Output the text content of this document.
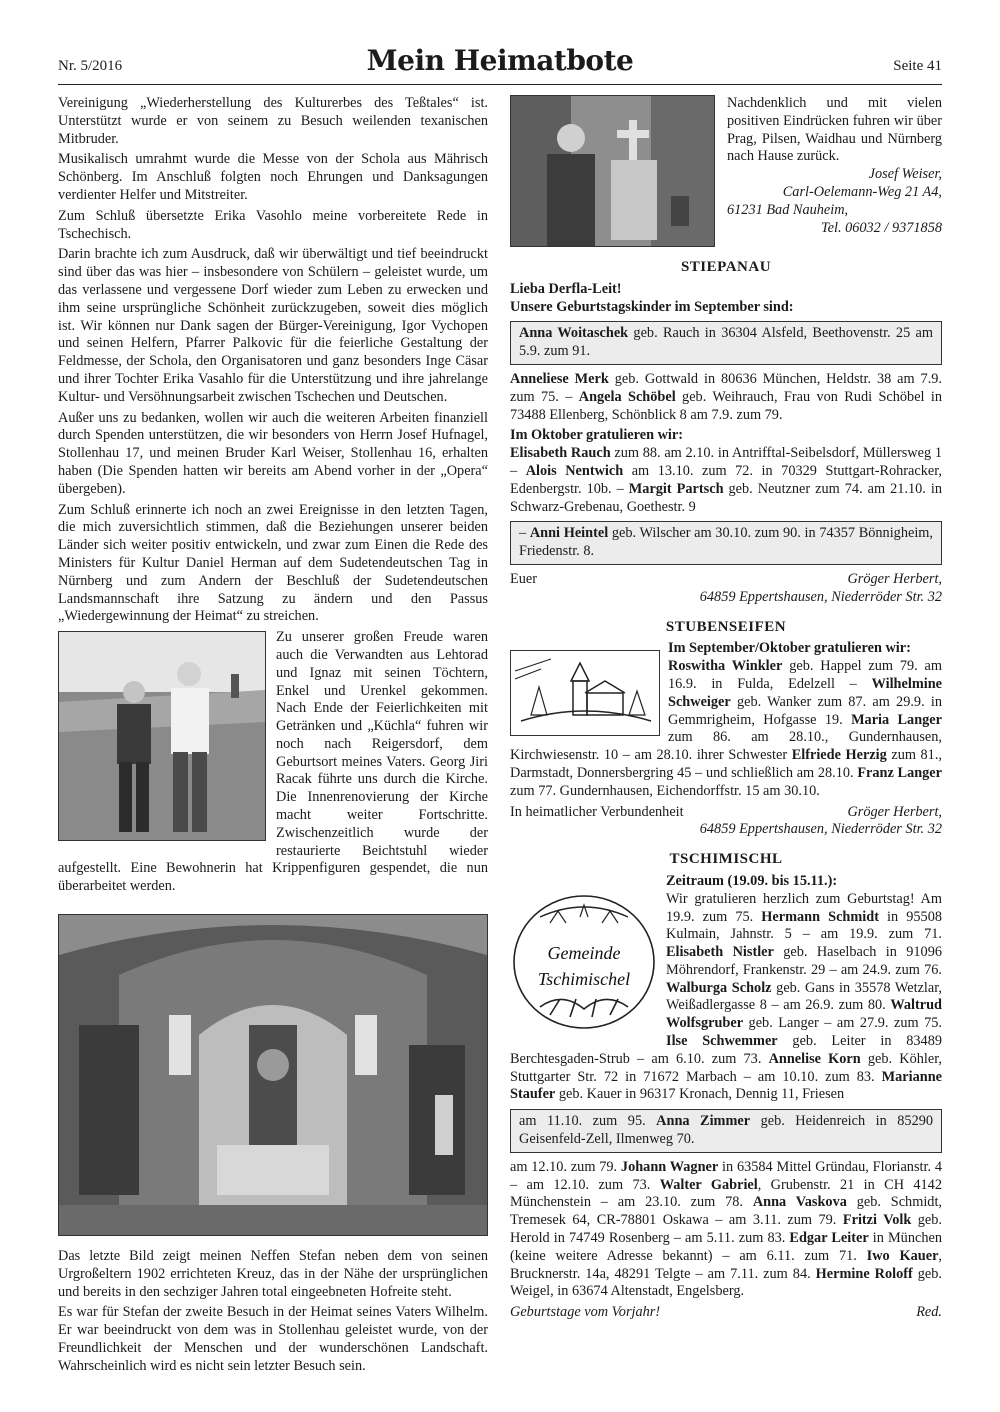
Nr. 5/2016	Mein Heimatbote	Seite 41

Vereinigung „Wiederherstellung des Kulturerbes des Teßtales“ ist. Unterstützt wurde er von seinem zu Besuch weilenden texanischen Mitbruder.

Musikalisch umrahmt wurde die Messe von der Schola aus Mährisch Schönberg. Im Anschluß folgten noch Ehrungen und Danksagungen verdienter Helfer und Mitstreiter.

Zum Schluß übersetzte Erika Vasohlo meine vorbereitete Rede in Tschechisch.

Darin brachte ich zum Ausdruck, daß wir überwältigt und tief beeindruckt sind über das was hier – insbesondere von Schülern – geleistet wurde, um das verlassene und vergessene Dorf wieder zum Leben zu erwecken und ihm seine ursprüngliche Schönheit zurückzugeben, soweit dies möglich ist. Wir können nur Dank sagen der Bürger-Vereinigung, Igor Vychopen und seinen Helfern, Pfarrer Palkovic für die feierliche Gestaltung der Feldmesse, der Schola, den Organisatoren und ganz besonders Inge Cäsar und ihrer Tochter Erika Vasahlo für die Unterstützung und ihre jahrelange Kultur- und Versöhnungsarbeit zwischen Tschechen und Deutschen.

Außer uns zu bedanken, wollen wir auch die weiteren Arbeiten finanziell durch Spenden unterstützen, die wir besonders von Herrn Josef Hufnagel, Stollenhau 17, und meinen Bruder Karl Weiser, Stollenhau 16, erhalten haben (Die Spenden hatten wir bereits am Abend vorher in der „Opera“ übergeben).

Zum Schluß erinnerte ich noch an zwei Ereignisse in den letzten Tagen, die mich zuversichtlich stimmen, daß die Beziehungen unserer beiden Länder sich weiter positiv entwickeln, und zwar zum Einen die Rede des Ministers für Kultur Daniel Herman auf dem Sudetendeutschen Tag in Nürnberg und zum Andern der Beschluß der Sudetendeutschen Landsmannschaft ihre Satzung zu ändern und den Passus „Wiedergewinnung der Heimat“ zu streichen.

Zu unserer großen Freude waren auch die Verwandten aus Lehtorad und Ignaz mit seinen Töchtern, Enkel und Urenkel gekommen. Nach Ende der Feierlichkeiten mit Getränken und „Küchla“ fuhren wir noch nach Reigersdorf, dem Geburtsort meines Vaters. Georg Jiri Racak führte uns durch die Kirche. Die Innenrenovierung der Kirche macht weiter Fortschritte. Zwischenzeitlich wurde der restaurierte Beichtstuhl wieder aufgestellt. Eine Bewohnerin hat Krippenfiguren gespendet, die nun überarbeitet werden.

Das letzte Bild zeigt meinen Neffen Stefan neben dem von seinen Urgroßeltern 1902 errichteten Kreuz, das in der Nähe der ursprünglichen und bereits in den sechziger Jahren total eingeebneten Hofreite steht.

Es war für Stefan der zweite Besuch in der Heimat seines Vaters Wilhelm. Er war beeindruckt von dem was in Stollenhau geleistet wurde, von der Freundlichkeit der Menschen und der wunderschönen Landschaft. Wahrscheinlich wird es nicht sein letzter Besuch sein.

Nachdenklich und mit vielen positiven Eindrücken fuhren wir über Prag, Pilsen, Waidhau und Nürnberg nach Hause zurück.
Josef Weiser,
Carl-Oelemann-Weg 21 A4,
61231 Bad Nauheim,
Tel. 06032 / 9371858
STIEPANAU
Lieba Derfla-Leit!
Unsere Geburtstagskinder im September sind:
Anna Woitaschek geb. Rauch in 36304 Alsfeld, Beethovenstr. 25 am 5.9. zum 91.

Anneliese Merk geb. Gottwald in 80636 München, Heldstr. 38 am 7.9. zum 75. – Angela Schöbel geb. Weihrauch, Frau von Rudi Schöbel in 73488 Ellenberg, Schönblick 8 am 7.9. zum 79.

Im Oktober gratulieren wir:

Elisabeth Rauch zum 88. am 2.10. in Antrifftal-Seibelsdorf, Müllersweg 1 – Alois Nentwich am 13.10. zum 72. in 70329 Stuttgart-Rohracker, Edenbergstr. 10b. – Margit Partsch geb. Neutzner zum 74. am 21.10. in Schwarz-Grebenau, Goethestr. 9

– Anni Heintel geb. Wilscher am 30.10. zum 90. in 74357 Bönnigheim, Friedenstr. 8.
Euer	Gröger Herbert,
64859 Eppertshausen, Niederröder Str. 32
STUBENSEIFEN
Im September/Oktober gratulieren wir:

Roswitha Winkler geb. Happel zum 79. am 16.9. in Fulda, Edelzell – Wilhelmine Schweiger geb. Wanker zum 87. am 29.9. in Gemmrigheim, Hofgasse 19. Maria Langer zum 86. am 28.10., Gundernhausen, Kirchwiesenstr. 10 – am 28.10. ihrer Schwester Elfriede Herzig zum 81., Darmstadt, Donnersbergring 45 – und schließlich am 28.10. Franz Langer zum 77. Gundernhausen, Eichendorffstr. 15 am 30.10.

In heimatlicher Verbundenheit	Gröger Herbert,
64859 Eppertshausen, Niederröder Str. 32
TSCHIMISCHL
Gemeinde
Tschimischel
Zeitraum (19.09. bis 15.11.):

Wir gratulieren herzlich zum Geburtstag! Am 19.9. zum 75. Hermann Schmidt in 95508 Kulmain, Jahnstr. 5 – am 19.9. zum 71. Elisabeth Nistler geb. Haselbach in 91096 Möhrendorf, Frankenstr. 29 – am 24.9. zum 76. Walburga Scholz geb. Gans in 35578 Wetzlar, Weißadlergasse 8 – am 26.9. zum 80. Waltrud Wolfsgruber geb. Langer – am 27.9. zum 75. Ilse Schwemmer geb. Leiter in 83489 Berchtesgaden-Strub – am 6.10. zum 73. Annelise Korn geb. Köhler, Stuttgarter Str. 72 in 71672 Marbach – am 10.10. zum 83. Marianne Staufer geb. Kauer in 96317 Kronach, Dennig 11, Friesen

am 11.10. zum 95. Anna Zimmer geb. Heidenreich in 85290 Geisenfeld-Zell, Ilmenweg 70.

am 12.10. zum 79. Johann Wagner in 63584 Mittel Gründau, Florianstr. 4 – am 12.10. zum 73. Walter Gabriel, Grubenstr. 21 in CH 4142 Münchenstein – am 23.10. zum 78. Anna Vaskova geb. Schmidt, Tremesek 64, CR-78801 Oskawa – am 3.11. zum 79. Fritzi Volk geb. Herold in 74749 Rosenberg – am 5.11. zum 83. Edgar Leiter in München (keine weitere Adresse bekannt) – am 6.11. zum 71. Iwo Kauer, Brucknerstr. 14a, 48291 Telgte – am 7.11. zum 84. Hermine Roloff geb. Weigel, in 63674 Altenstadt, Engelsberg.

Geburtstage vom Vorjahr!	Red.
